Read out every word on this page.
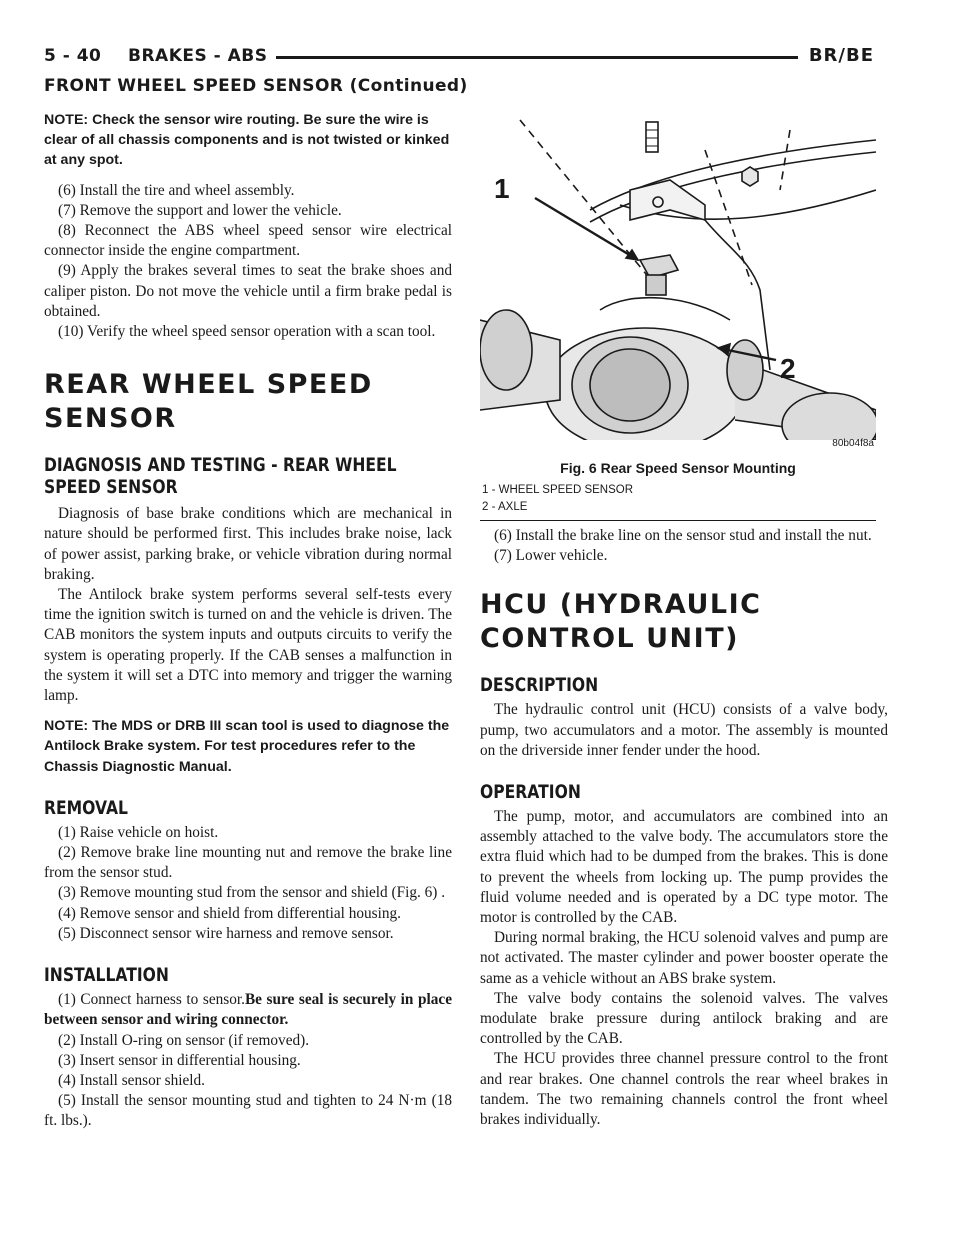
5 - 40 BRAKES - ABS	BR/BE
FRONT WHEEL SPEED SENSOR (Continued)

NOTE: Check the sensor wire routing. Be sure the wire is clear of all chassis components and is not twisted or kinked at any spot.

(6) Install the tire and wheel assembly.

(7) Remove the support and lower the vehicle.

(8) Reconnect the ABS wheel speed sensor wire electrical connector inside the engine compartment.

(9) Apply the brakes several times to seat the brake shoes and caliper piston. Do not move the vehicle until a firm brake pedal is obtained.

(10) Verify the wheel speed sensor operation with a scan tool.

REAR WHEEL SPEED SENSOR
DIAGNOSIS AND TESTING - REAR WHEEL SPEED SENSOR

Diagnosis of base brake conditions which are mechanical in nature should be performed first. This includes brake noise, lack of power assist, parking brake, or vehicle vibration during normal braking.

The Antilock brake system performs several self-tests every time the ignition switch is turned on and the vehicle is driven. The CAB monitors the system inputs and outputs circuits to verify the system is operating properly. If the CAB senses a malfunction in the system it will set a DTC into memory and trigger the warning lamp.

NOTE: The MDS or DRB III scan tool is used to diagnose the Antilock Brake system. For test procedures refer to the Chassis Diagnostic Manual.

REMOVAL

(1) Raise vehicle on hoist.

(2) Remove brake line mounting nut and remove the brake line from the sensor stud.

(3) Remove mounting stud from the sensor and shield (Fig. 6) .

(4) Remove sensor and shield from differential housing.

(5) Disconnect sensor wire harness and remove sensor.

INSTALLATION

(1) Connect harness to sensor.Be sure seal is securely in place between sensor and wiring connector.

(2) Install O-ring on sensor (if removed).

(3) Insert sensor in differential housing.

(4) Install sensor shield.

(5) Install the sensor mounting stud and tighten to 24 N·m (18 ft. lbs.).

1
2
80b04f8a
Fig. 6 Rear Speed Sensor Mounting
1 - WHEEL SPEED SENSOR
2 - AXLE

(6) Install the brake line on the sensor stud and install the nut.

(7) Lower vehicle.

HCU (HYDRAULIC CONTROL UNIT)
DESCRIPTION

The hydraulic control unit (HCU) consists of a valve body, pump, two accumulators and a motor. The assembly is mounted on the driverside inner fender under the hood.

OPERATION

The pump, motor, and accumulators are combined into an assembly attached to the valve body. The accumulators store the extra fluid which had to be dumped from the brakes. This is done to prevent the wheels from locking up. The pump provides the fluid volume needed and is operated by a DC type motor. The motor is controlled by the CAB.

During normal braking, the HCU solenoid valves and pump are not activated. The master cylinder and power booster operate the same as a vehicle without an ABS brake system.

The valve body contains the solenoid valves. The valves modulate brake pressure during antilock braking and are controlled by the CAB.

The HCU provides three channel pressure control to the front and rear brakes. One channel controls the rear wheel brakes in tandem. The two remaining channels control the front wheel brakes individually.
